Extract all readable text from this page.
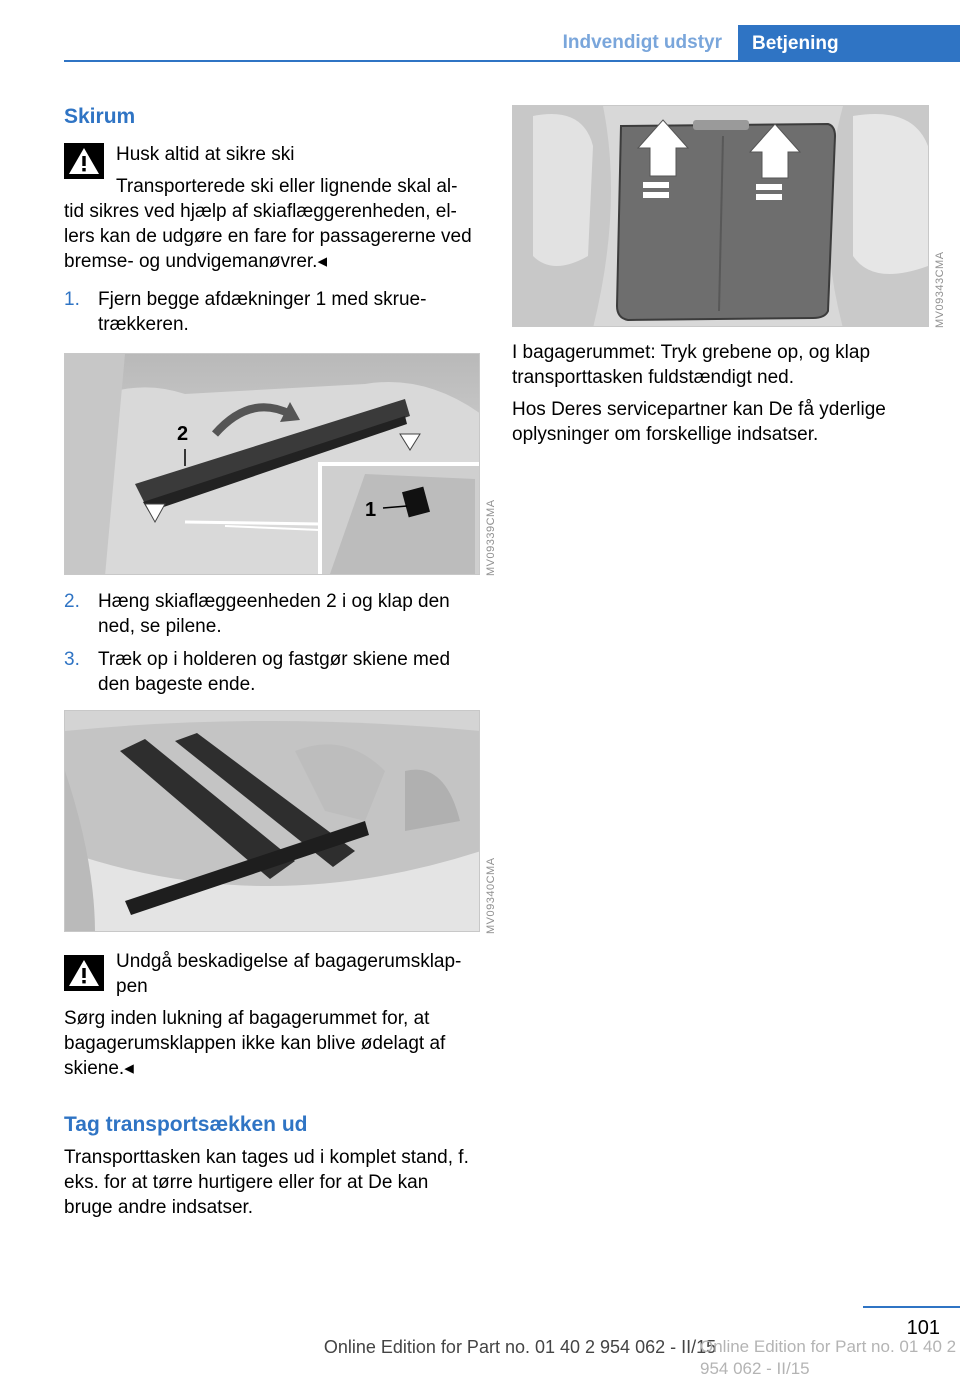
Indvendigt udstyr	Betjening
Skirum
Husk altid at sikre ski
Transporterede ski eller lignende skal al‐
tid sikres ved hjælp af skiaflæggerenheden, el‐ lers kan de udgøre en fare for passagererne ved bremse- og undvigemanøvrer.◂
1. Fjern begge afdækninger 1 med skrue‐ trækkeren.
2
1	MV09339CMA
2. Hæng skiaflæggeenheden 2 i og klap den ned, se pilene.
3. Træk op i holderen og fastgør skiene med den bageste ende.
MV09340CMA
Undgå beskadigelse af bagagerumsklap‐ pen
Sørg inden lukning af bagagerummet for, at bagagerumsklappen ikke kan blive ødelagt af skiene.◂
Tag transportsækken ud
Transporttasken kan tages ud i komplet stand, f. eks. for at tørre hurtigere eller for at De kan bruge andre indsatser.
MV09343CMA
I bagagerummet: Tryk grebene op, og klap transporttasken fuldstændigt ned.
Hos Deres servicepartner kan De få yderlige oplysninger om forskellige indsatser.
101
Online Edition for Part no. 01 40 2 954 062 - II/15
Online Edition for Part no. 01 40 2 954 062 - II/15
